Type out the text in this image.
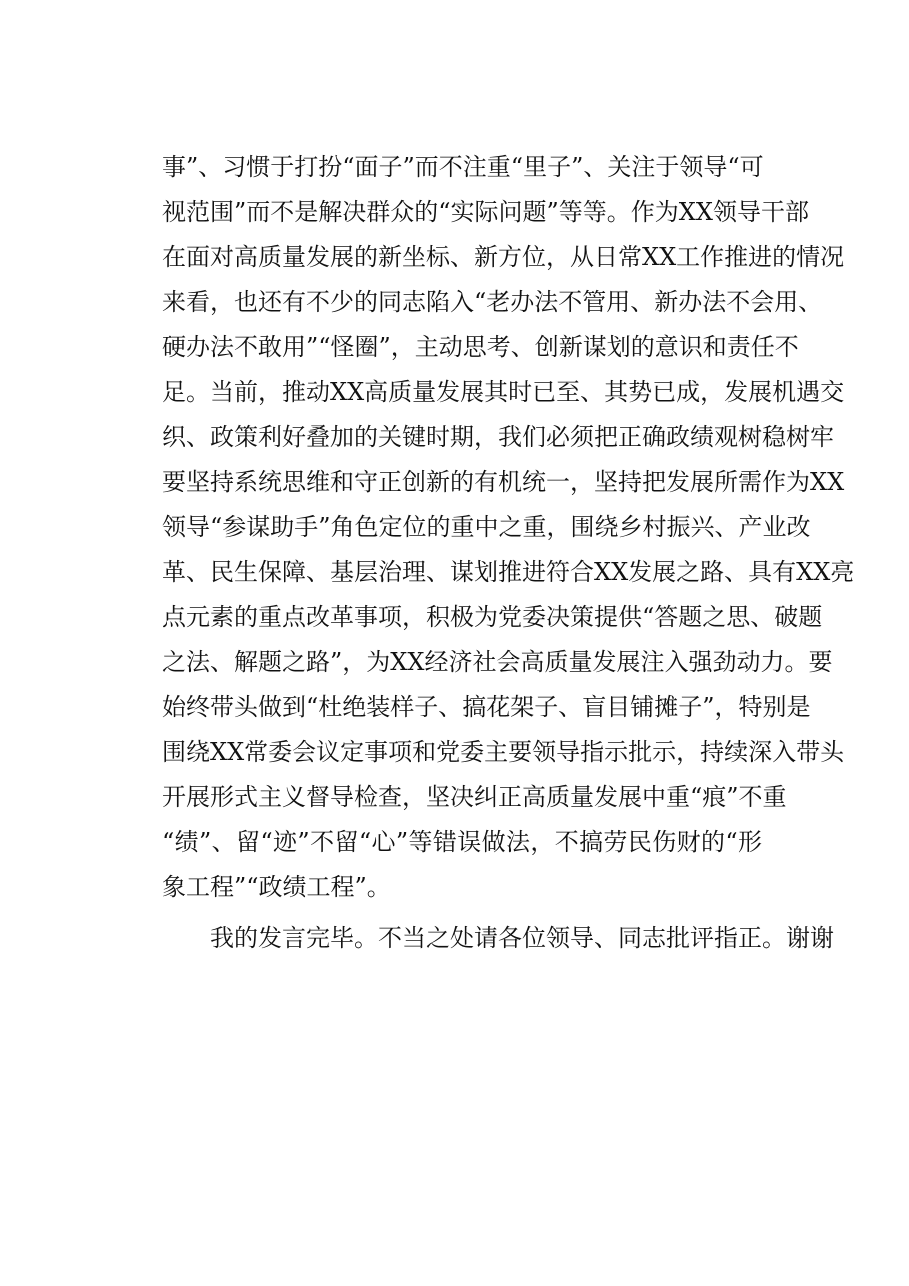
事”、习惯于打扮“面子”而不注重“里子”、关注于领导“可
视范围”而不是解决群众的“实际问题”等等。作为XX领导干部
在面对高质量发展的新坐标、新方位，从日常XX工作推进的情况
来看，也还有不少的同志陷入“老办法不管用、新办法不会用、
硬办法不敢用”“怪圈”，主动思考、创新谋划的意识和责任不
足。当前，推动XX高质量发展其时已至、其势已成，发展机遇交
织、政策利好叠加的关键时期，我们必须把正确政绩观树稳树牢
要坚持系统思维和守正创新的有机统一，坚持把发展所需作为XX
领导“参谋助手”角色定位的重中之重，围绕乡村振兴、产业改
革、民生保障、基层治理、谋划推进符合XX发展之路、具有XX亮
点元素的重点改革事项，积极为党委决策提供“答题之思、破题
之法、解题之路”，为XX经济社会高质量发展注入强劲动力。要
始终带头做到“杜绝装样子、搞花架子、盲目铺摊子”，特别是
围绕XX常委会议定事项和党委主要领导指示批示，持续深入带头
开展形式主义督导检查，坚决纠正高质量发展中重“痕”不重
“绩”、留“迹”不留“心”等错误做法，不搞劳民伤财的“形
象工程”“政绩工程”。
我的发言完毕。不当之处请各位领导、同志批评指正。谢谢
